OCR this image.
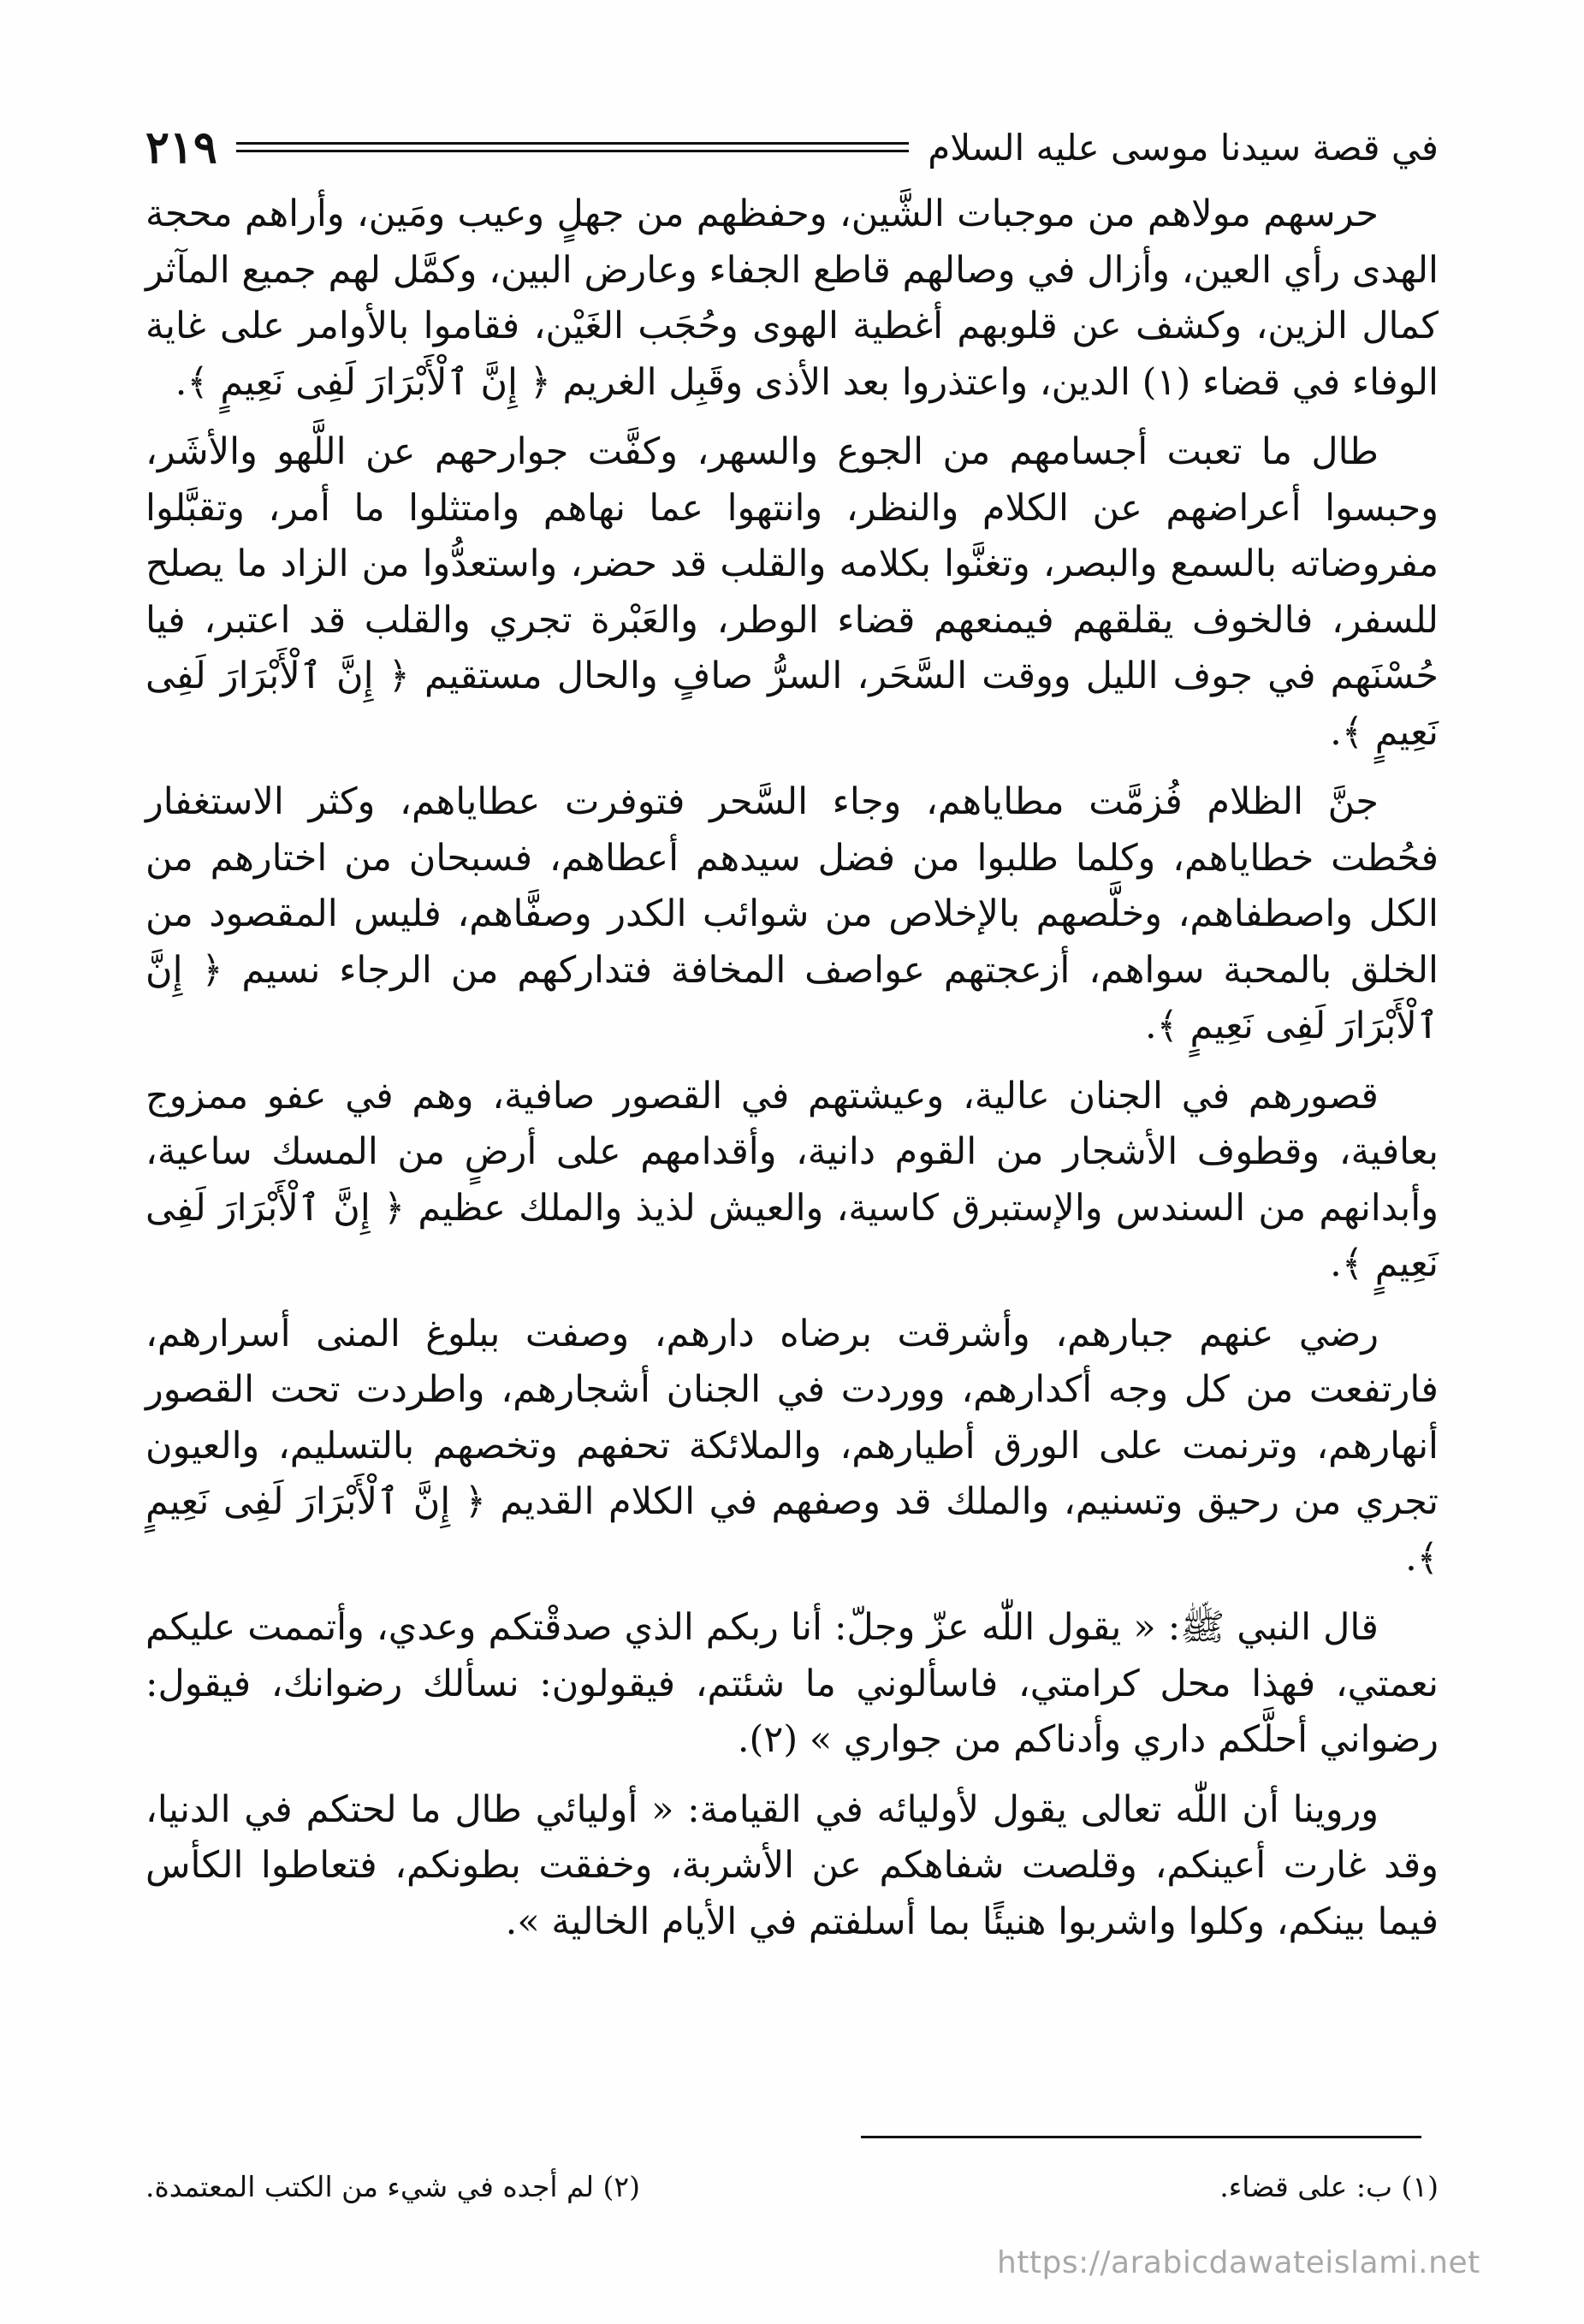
في قصة سيدنا موسى عليه السلام
٢١٩

حرسهم مولاهم من موجبات الشَّين، وحفظهم من جهلٍ وعيب ومَين، وأراهم محجة الهدى رأي العين، وأزال في وصالهم قاطع الجفاء وعارض البين، وكمَّل لهم جميع المآثر كمال الزين، وكشف عن قلوبهم أغطية الهوى وحُجَب الغَيْن، فقاموا بالأوامر على غاية الوفاء في قضاء (١) الدين، واعتذروا بعد الأذى وقَبِل الغريم ﴿ إِنَّ ٱلْأَبْرَارَ لَفِى نَعِيمٍ ﴾.

طال ما تعبت أجسامهم من الجوع والسهر، وكفَّت جوارحهم عن اللَّهو والأشَر، وحبسوا أعراضهم عن الكلام والنظر، وانتهوا عما نهاهم وامتثلوا ما أمر، وتقبَّلوا مفروضاته بالسمع والبصر، وتغنَّوا بكلامه والقلب قد حضر، واستعدُّوا من الزاد ما يصلح للسفر، فالخوف يقلقهم فيمنعهم قضاء الوطر، والعَبْرة تجري والقلب قد اعتبر، فيا حُسْنَهم في جوف الليل ووقت السَّحَر، السرُّ صافٍ والحال مستقيم ﴿ إِنَّ ٱلْأَبْرَارَ لَفِى نَعِيمٍ ﴾.

جنَّ الظلام فُزمَّت مطاياهم، وجاء السَّحر فتوفرت عطاياهم، وكثر الاستغفار فحُطت خطاياهم، وكلما طلبوا من فضل سيدهم أعطاهم، فسبحان من اختارهم من الكل واصطفاهم، وخلَّصهم بالإخلاص من شوائب الكدر وصفَّاهم، فليس المقصود من الخلق بالمحبة سواهم، أزعجتهم عواصف المخافة فتداركهم من الرجاء نسيم ﴿ إِنَّ ٱلْأَبْرَارَ لَفِى نَعِيمٍ ﴾.

قصورهم في الجنان عالية، وعيشتهم في القصور صافية، وهم في عفو ممزوج بعافية، وقطوف الأشجار من القوم دانية، وأقدامهم على أرضٍ من المسك ساعية، وأبدانهم من السندس والإستبرق كاسية، والعيش لذيذ والملك عظيم ﴿ إِنَّ ٱلْأَبْرَارَ لَفِى نَعِيمٍ ﴾.

رضي عنهم جبارهم، وأشرقت برضاه دارهم، وصفت ببلوغ المنى أسرارهم، فارتفعت من كل وجه أكدارهم، ووردت في الجنان أشجارهم، واطردت تحت القصور أنهارهم، وترنمت على الورق أطيارهم، والملائكة تحفهم وتخصهم بالتسليم، والعيون تجري من رحيق وتسنيم، والملك قد وصفهم في الكلام القديم ﴿ إِنَّ ٱلْأَبْرَارَ لَفِى نَعِيمٍ ﴾.

قال النبي ﷺ: « يقول اللّٰه عزّ وجلّ: أنا ربكم الذي صدقْتكم وعدي، وأتممت عليكم نعمتي، فهذا محل كرامتي، فاسألوني ما شئتم، فيقولون: نسألك رضوانك، فيقول: رضواني أحلَّكم داري وأدناكم من جواري » (٢).

وروينا أن اللّٰه تعالى يقول لأوليائه في القيامة: « أوليائي طال ما لحتكم في الدنيا، وقد غارت أعينكم، وقلصت شفاهكم عن الأشربة، وخفقت بطونكم، فتعاطوا الكأس فيما بينكم، وكلوا واشربوا هنيئًا بما أسلفتم في الأيام الخالية ».

(١) ب: على قضاء.
(٢) لم أجده في شيء من الكتب المعتمدة.
https://arabicdawateislami.net
